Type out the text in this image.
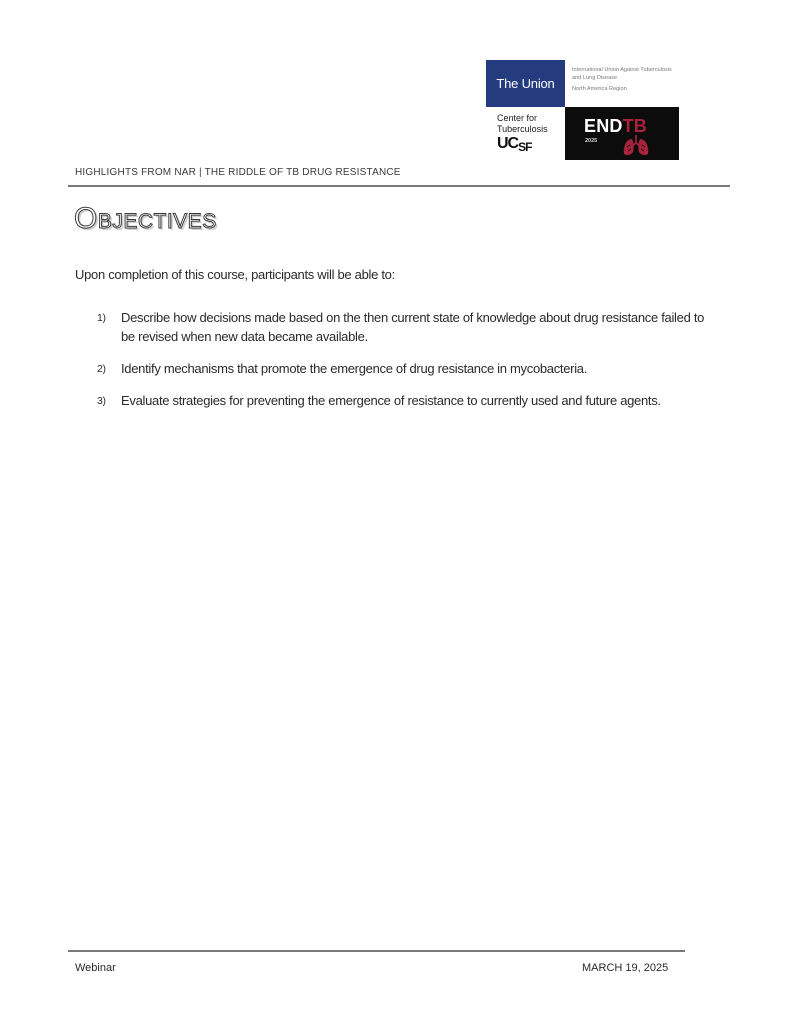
The Union
International Union Against Tuberculosis and Lung Disease
North America Region
Center for Tuberculosis
UCSF
ENDTB
2025
HIGHLIGHTS FROM NAR | THE RIDDLE OF TB DRUG RESISTANCE
Objectives
Upon completion of this course, participants will be able to:
1) Describe how decisions made based on the then current state of knowledge about drug resistance failed to be revised when new data became available.
2) Identify mechanisms that promote the emergence of drug resistance in mycobacteria.
3) Evaluate strategies for preventing the emergence of resistance to currently used and future agents.
Webinar	MARCH 19, 2025
